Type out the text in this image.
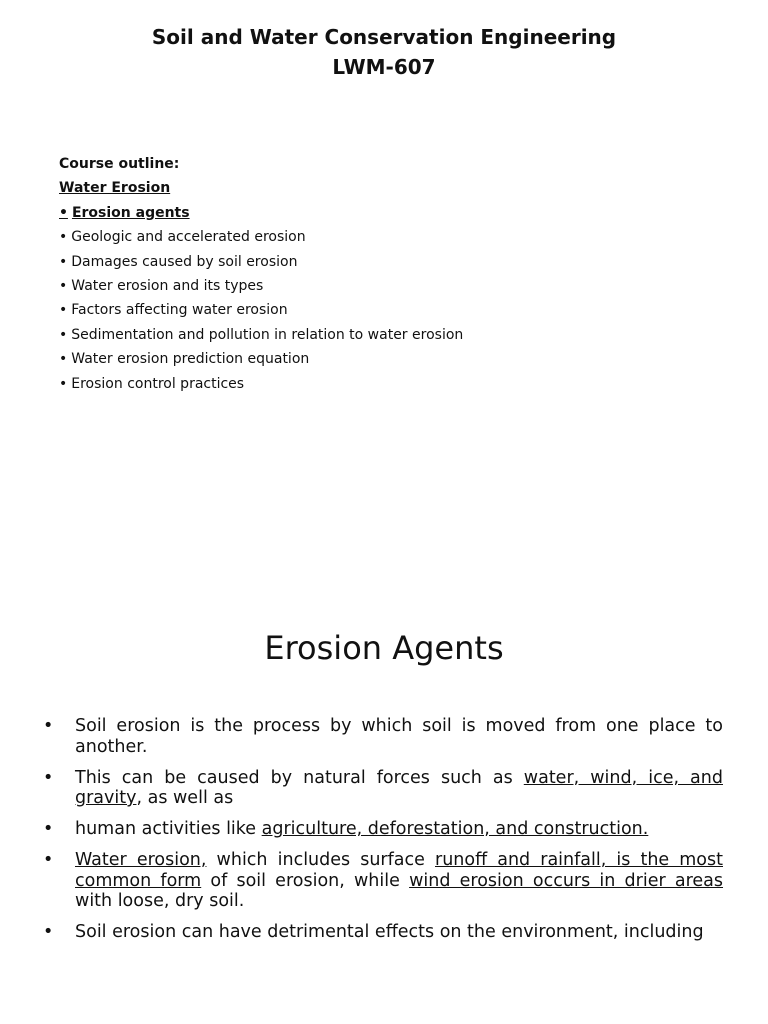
Soil and Water Conservation Engineering
LWM-607
Course outline:
Water Erosion
• Erosion agents
• Geologic and accelerated erosion
• Damages caused by soil erosion
• Water erosion and its types
• Factors affecting water erosion
• Sedimentation and pollution in relation to water erosion
• Water erosion prediction equation
• Erosion control practices
Erosion Agents
•	Soil erosion is the process by which soil is moved from one place to another.
•	This can be caused by natural forces such as water, wind, ice, and gravity, as well as
•	human activities like agriculture, deforestation, and construction.
•	Water erosion, which includes surface runoff and rainfall, is the most common form of soil erosion, while wind erosion occurs in drier areas with loose, dry soil.
•	Soil erosion can have detrimental effects on the environment, including
